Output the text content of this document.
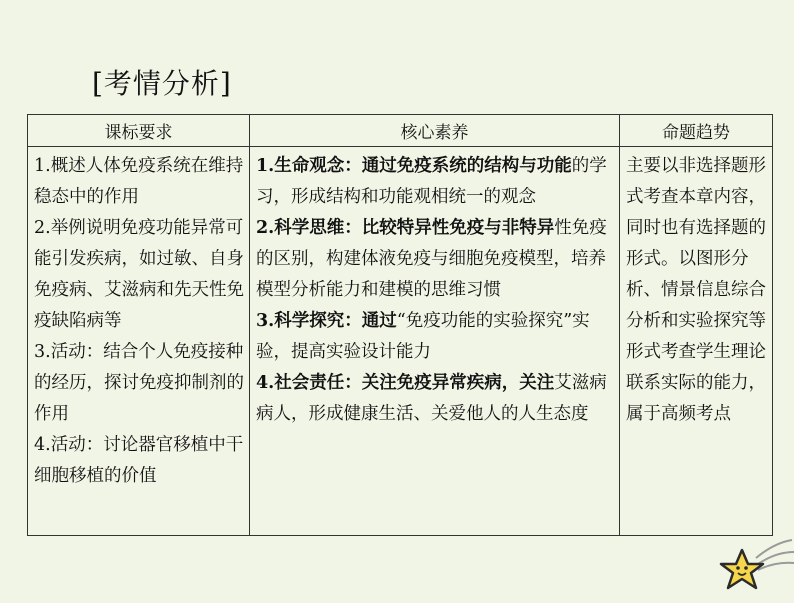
[考情分析]
课标要求	核心素养	命题趋势

1.概述人体免疫系统在维持稳态中的作用
2.举例说明免疫功能异常可能引发疾病，如过敏、自身免疫病、艾滋病和先天性免疫缺陷病等
3.活动：结合个人免疫接种的经历，探讨免疫抑制剂的作用
4.活动：讨论器官移植中干细胞移植的价值	1.生命观念：通过免疫系统的结构与功能的学习，形成结构和功能观相统一的观念
2.科学思维：比较特异性免疫与非特异性免疫的区别，构建体液免疫与细胞免疫模型，培养模型分析能力和建模的思维习惯
3.科学探究：通过“免疫功能的实验探究”实验，提高实验设计能力
4.社会责任：关注免疫异常疾病，关注艾滋病病人，形成健康生活、关爱他人的人生态度	主要以非选择题形式考查本章内容，同时也有选择题的形式。以图形分析、情景信息综合分析和实验探究等形式考查学生理论联系实际的能力，属于高频考点
